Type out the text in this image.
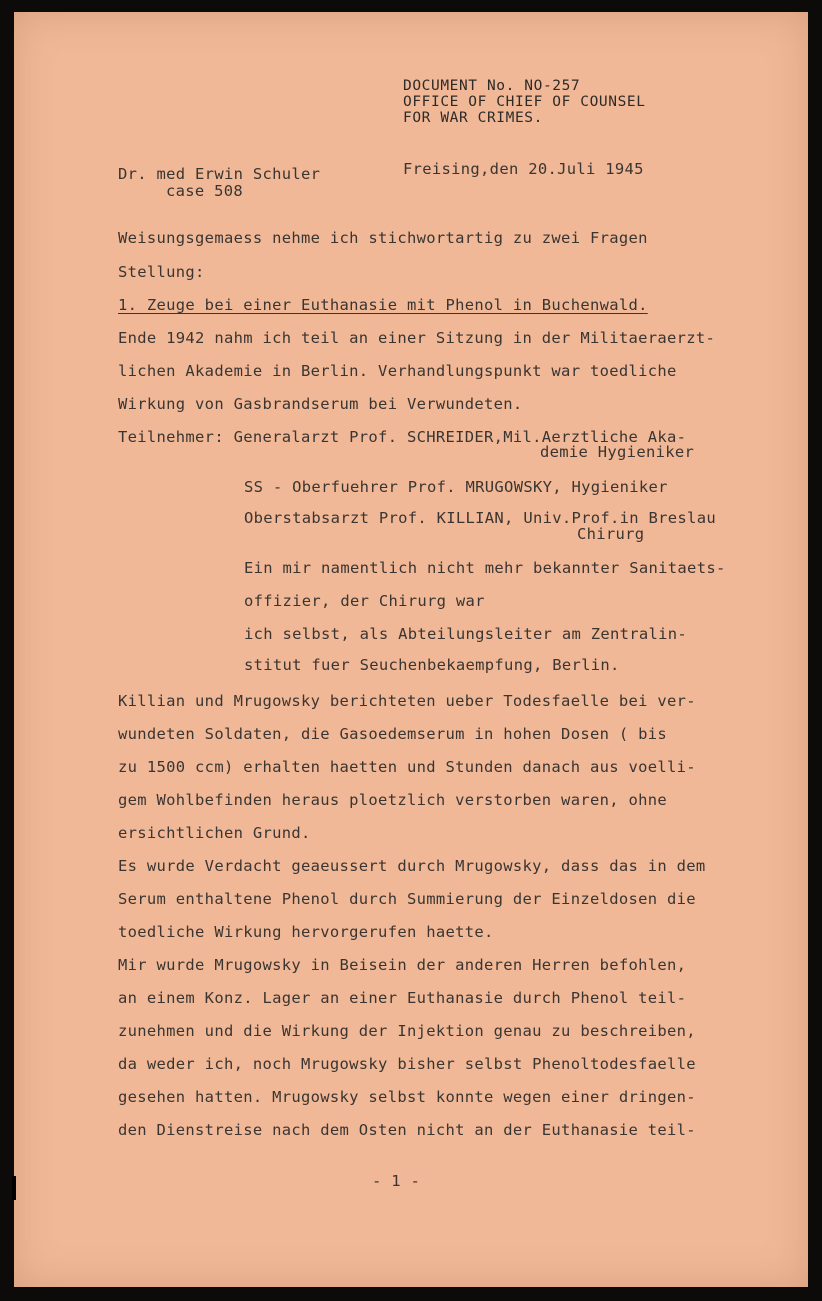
DOCUMENT No. NO-257
OFFICE OF CHIEF OF COUNSEL
FOR WAR CRIMES.
Dr. med Erwin Schuler
case 508
Freising,den 20.Juli 1945
Weisungsgemaess nehme ich stichwortartig zu zwei Fragen
Stellung:
1. Zeuge bei einer Euthanasie mit Phenol in Buchenwald.
Ende 1942 nahm ich teil an einer Sitzung in der Militaeraerzt-
lichen Akademie in Berlin. Verhandlungspunkt war toedliche
Wirkung von Gasbrandserum bei Verwundeten.
Teilnehmer: Generalarzt Prof. SCHREIDER,Mil.Aerztliche Aka-
demie Hygieniker
SS - Oberfuehrer Prof. MRUGOWSKY, Hygieniker
Oberstabsarzt Prof. KILLIAN, Univ.Prof.in Breslau
Chirurg
Ein mir namentlich nicht mehr bekannter Sanitaets-
offizier, der Chirurg war
ich selbst, als Abteilungsleiter am Zentralin-
stitut fuer Seuchenbekaempfung, Berlin.
Killian und Mrugowsky berichteten ueber Todesfaelle bei ver-
wundeten Soldaten, die Gasoedemserum in hohen Dosen ( bis
zu 1500 ccm) erhalten haetten und Stunden danach aus voelli-
gem Wohlbefinden heraus ploetzlich verstorben waren, ohne
ersichtlichen Grund.
Es wurde Verdacht geaeussert durch Mrugowsky, dass das in dem
Serum enthaltene Phenol durch Summierung der Einzeldosen die
toedliche Wirkung hervorgerufen haette.
Mir wurde Mrugowsky in Beisein der anderen Herren befohlen,
an einem Konz. Lager an einer Euthanasie durch Phenol teil-
zunehmen und die Wirkung der Injektion genau zu beschreiben,
da weder ich, noch Mrugowsky bisher selbst Phenoltodesfaelle
gesehen hatten. Mrugowsky selbst konnte wegen einer dringen-
den Dienstreise nach dem Osten nicht an der Euthanasie teil-
- 1 -
